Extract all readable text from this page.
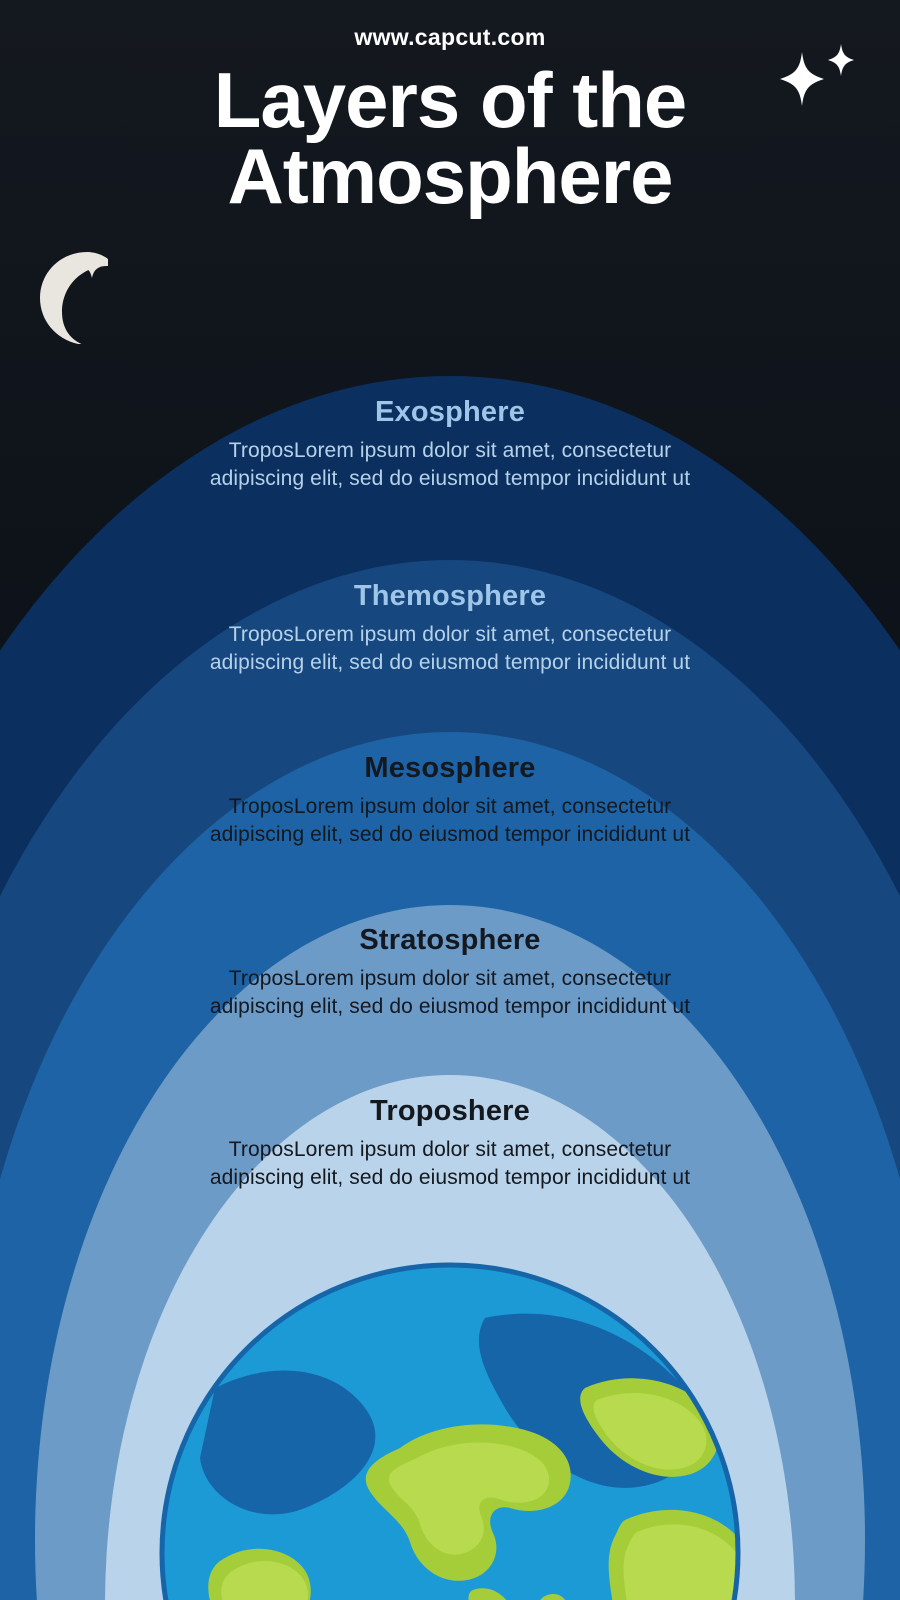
www.capcut.com
Layers of the
Atmosphere

Exosphere

TroposLorem ipsum dolor sit amet, consectetur adipiscing elit, sed do eiusmod tempor incididunt ut

Themosphere

TroposLorem ipsum dolor sit amet, consectetur adipiscing elit, sed do eiusmod tempor incididunt ut

Mesosphere

TroposLorem ipsum dolor sit amet, consectetur adipiscing elit, sed do eiusmod tempor incididunt ut

Stratosphere

TroposLorem ipsum dolor sit amet, consectetur adipiscing elit, sed do eiusmod tempor incididunt ut

Troposhere

TroposLorem ipsum dolor sit amet, consectetur adipiscing elit, sed do eiusmod tempor incididunt ut
